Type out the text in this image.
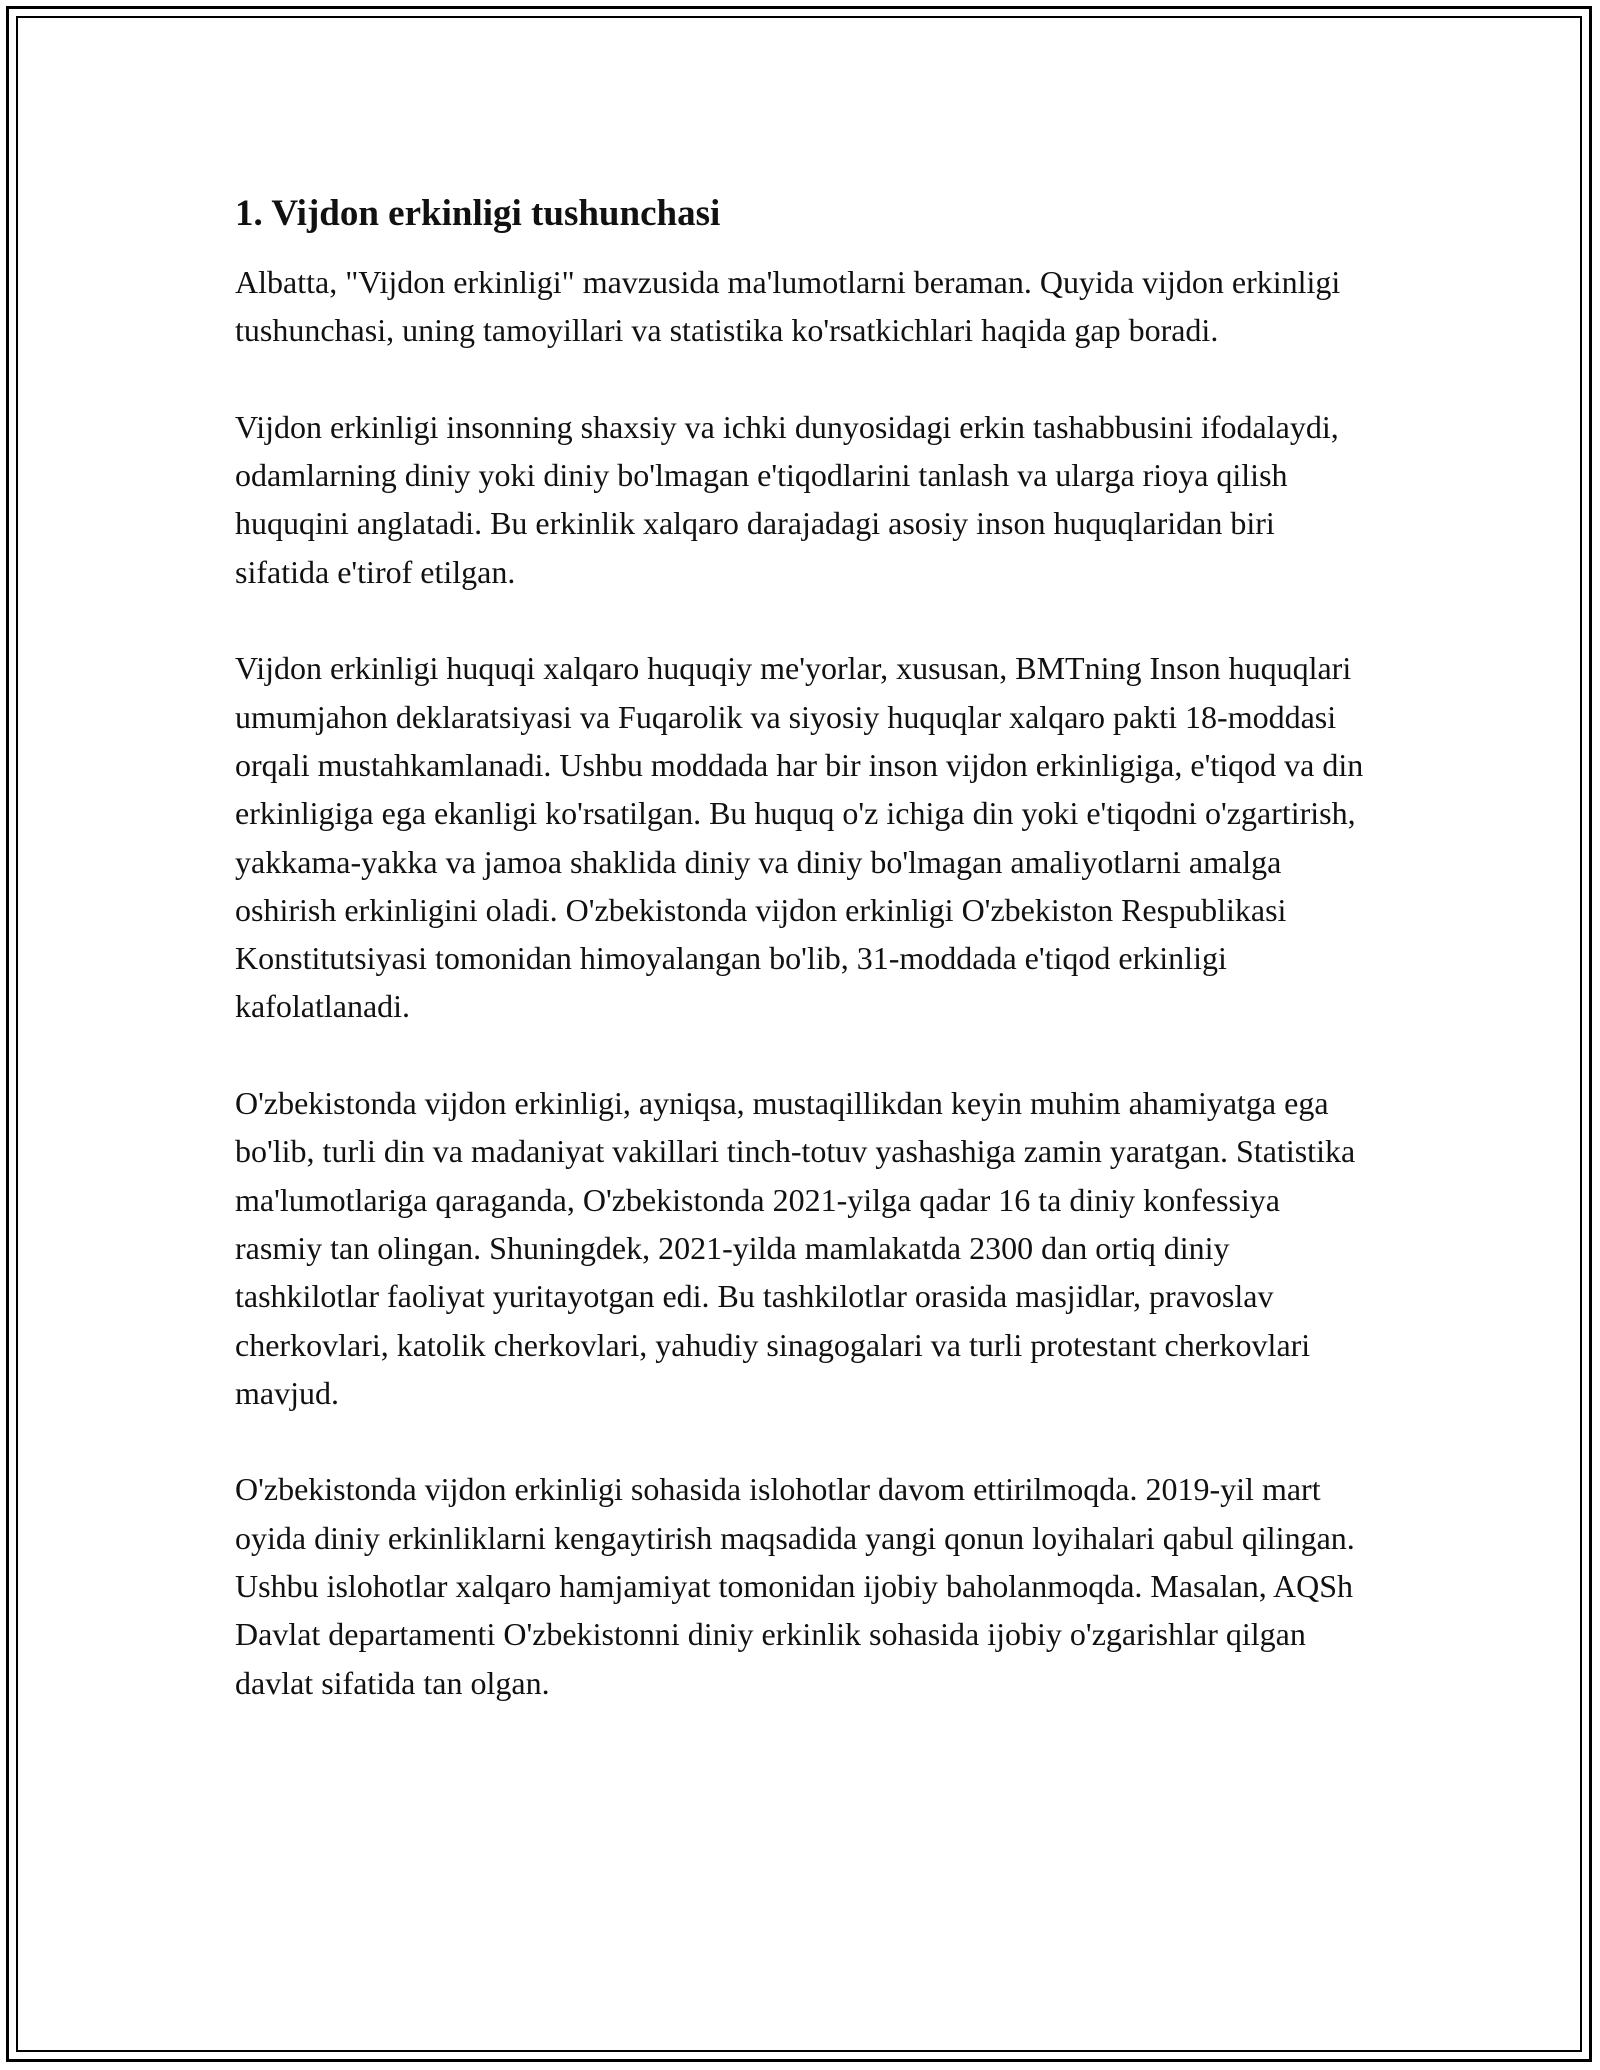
1. Vijdon erkinligi tushunchasi

Albatta, "Vijdon erkinligi" mavzusida ma'lumotlarni beraman. Quyida vijdon erkinligi tushunchasi, uning tamoyillari va statistika ko'rsatkichlari haqida gap boradi.

Vijdon erkinligi insonning shaxsiy va ichki dunyosidagi erkin tashabbusini ifodalaydi, odamlarning diniy yoki diniy bo'lmagan e'tiqodlarini tanlash va ularga rioya qilish huquqini anglatadi. Bu erkinlik xalqaro darajadagi asosiy inson huquqlaridan biri sifatida e'tirof etilgan.

Vijdon erkinligi huquqi xalqaro huquqiy me'yorlar, xususan, BMTning Inson huquqlari umumjahon deklaratsiyasi va Fuqarolik va siyosiy huquqlar xalqaro pakti 18-moddasi orqali mustahkamlanadi. Ushbu moddada har bir inson vijdon erkinligiga, e'tiqod va din erkinligiga ega ekanligi ko'rsatilgan. Bu huquq o'z ichiga din yoki e'tiqodni o'zgartirish, yakkama-yakka va jamoa shaklida diniy va diniy bo'lmagan amaliyotlarni amalga oshirish erkinligini oladi. O'zbekistonda vijdon erkinligi O'zbekiston Respublikasi Konstitutsiyasi tomonidan himoyalangan bo'lib, 31-moddada e'tiqod erkinligi kafolatlanadi.

O'zbekistonda vijdon erkinligi, ayniqsa, mustaqillikdan keyin muhim ahamiyatga ega bo'lib, turli din va madaniyat vakillari tinch-totuv yashashiga zamin yaratgan. Statistika ma'lumotlariga qaraganda, O'zbekistonda 2021-yilga qadar 16 ta diniy konfessiya rasmiy tan olingan. Shuningdek, 2021-yilda mamlakatda 2300 dan ortiq diniy tashkilotlar faoliyat yuritayotgan edi. Bu tashkilotlar orasida masjidlar, pravoslav cherkovlari, katolik cherkovlari, yahudiy sinagogalari va turli protestant cherkovlari mavjud.

O'zbekistonda vijdon erkinligi sohasida islohotlar davom ettirilmoqda. 2019-yil mart oyida diniy erkinliklarni kengaytirish maqsadida yangi qonun loyihalari qabul qilingan. Ushbu islohotlar xalqaro hamjamiyat tomonidan ijobiy baholanmoqda. Masalan, AQSh Davlat departamenti O'zbekistonni diniy erkinlik sohasida ijobiy o'zgarishlar qilgan davlat sifatida tan olgan.
